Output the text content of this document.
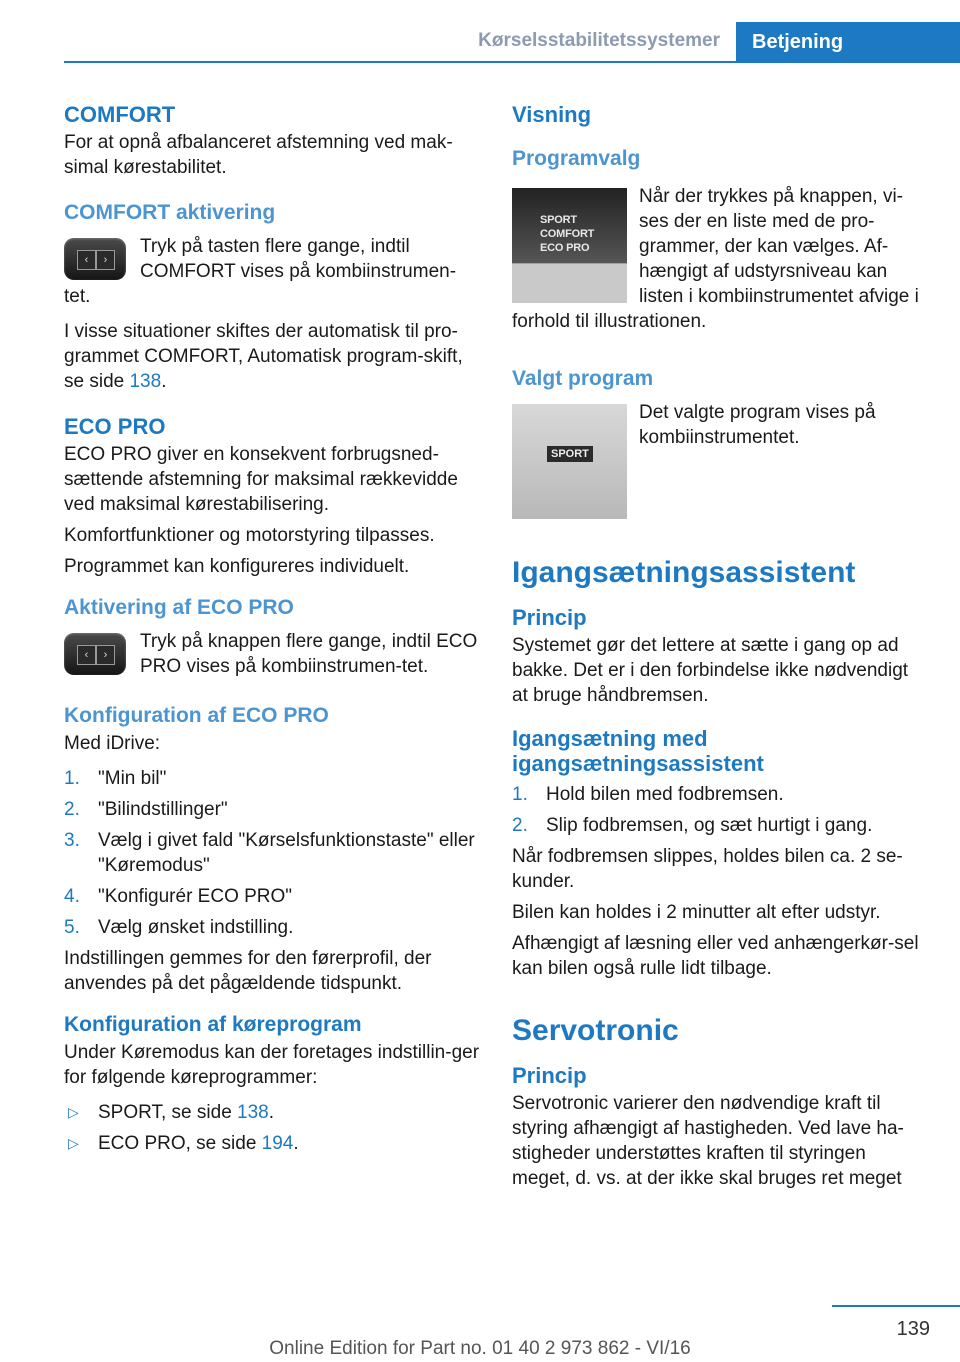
Kørselsstabilitetssystemer	Betjening
COMFORT

For at opnå afbalanceret afstemning ved mak-simal kørestabilitet.

COMFORT aktivering
‹	›

Tryk på tasten flere gange, indtil COMFORT vises på kombiinstrumen-tet.

I visse situationer skiftes der automatisk til pro-grammet COMFORT, Automatisk program-skift, se side 138.

ECO PRO

ECO PRO giver en konsekvent forbrugsned-sættende afstemning for maksimal rækkevidde ved maksimal kørestabilisering.

Komfortfunktioner og motorstyring tilpasses.

Programmet kan konfigureres individuelt.

Aktivering af ECO PRO
‹	›

Tryk på knappen flere gange, indtil ECO PRO vises på kombiinstrumen-tet.

Konfiguration af ECO PRO

Med iDrive:

1. "Min bil"
2. "Bilindstillinger"
3. Vælg i givet fald "Kørselsfunktionstaste" eller "Køremodus"
4. "Konfigurér ECO PRO"
5. Vælg ønsket indstilling.

Indstillingen gemmes for den førerprofil, der anvendes på det pågældende tidspunkt.

Konfiguration af køreprogram

Under Køremodus kan der foretages indstillin-ger for følgende køreprogrammer:

▷ SPORT, se side 138.
▷ ECO PRO, se side 194.
Visning
Programvalg
SPORT
COMFORT
ECO PRO

Når der trykkes på knappen, vi-ses der en liste med de pro-grammer, der kan vælges. Af-hængigt af udstyrsniveau kan listen i kombiinstrumentet afvige i forhold til illustrationen.

Valgt program
SPORT

Det valgte program vises på kombiinstrumentet.

Igangsætningsassistent
Princip

Systemet gør det lettere at sætte i gang op ad bakke. Det er i den forbindelse ikke nødvendigt at bruge håndbremsen.

Igangsætning med igangsætningsassistent
1. Hold bilen med fodbremsen.
2. Slip fodbremsen, og sæt hurtigt i gang.

Når fodbremsen slippes, holdes bilen ca. 2 se-kunder.

Bilen kan holdes i 2 minutter alt efter udstyr.

Afhængigt af læsning eller ved anhængerkør-sel kan bilen også rulle lidt tilbage.

Servotronic
Princip

Servotronic varierer den nødvendige kraft til styring afhængigt af hastigheden. Ved lave ha-stigheder understøttes kraften til styringen meget, d. vs. at der ikke skal bruges ret meget

139
Online Edition for Part no. 01 40 2 973 862 - VI/16
